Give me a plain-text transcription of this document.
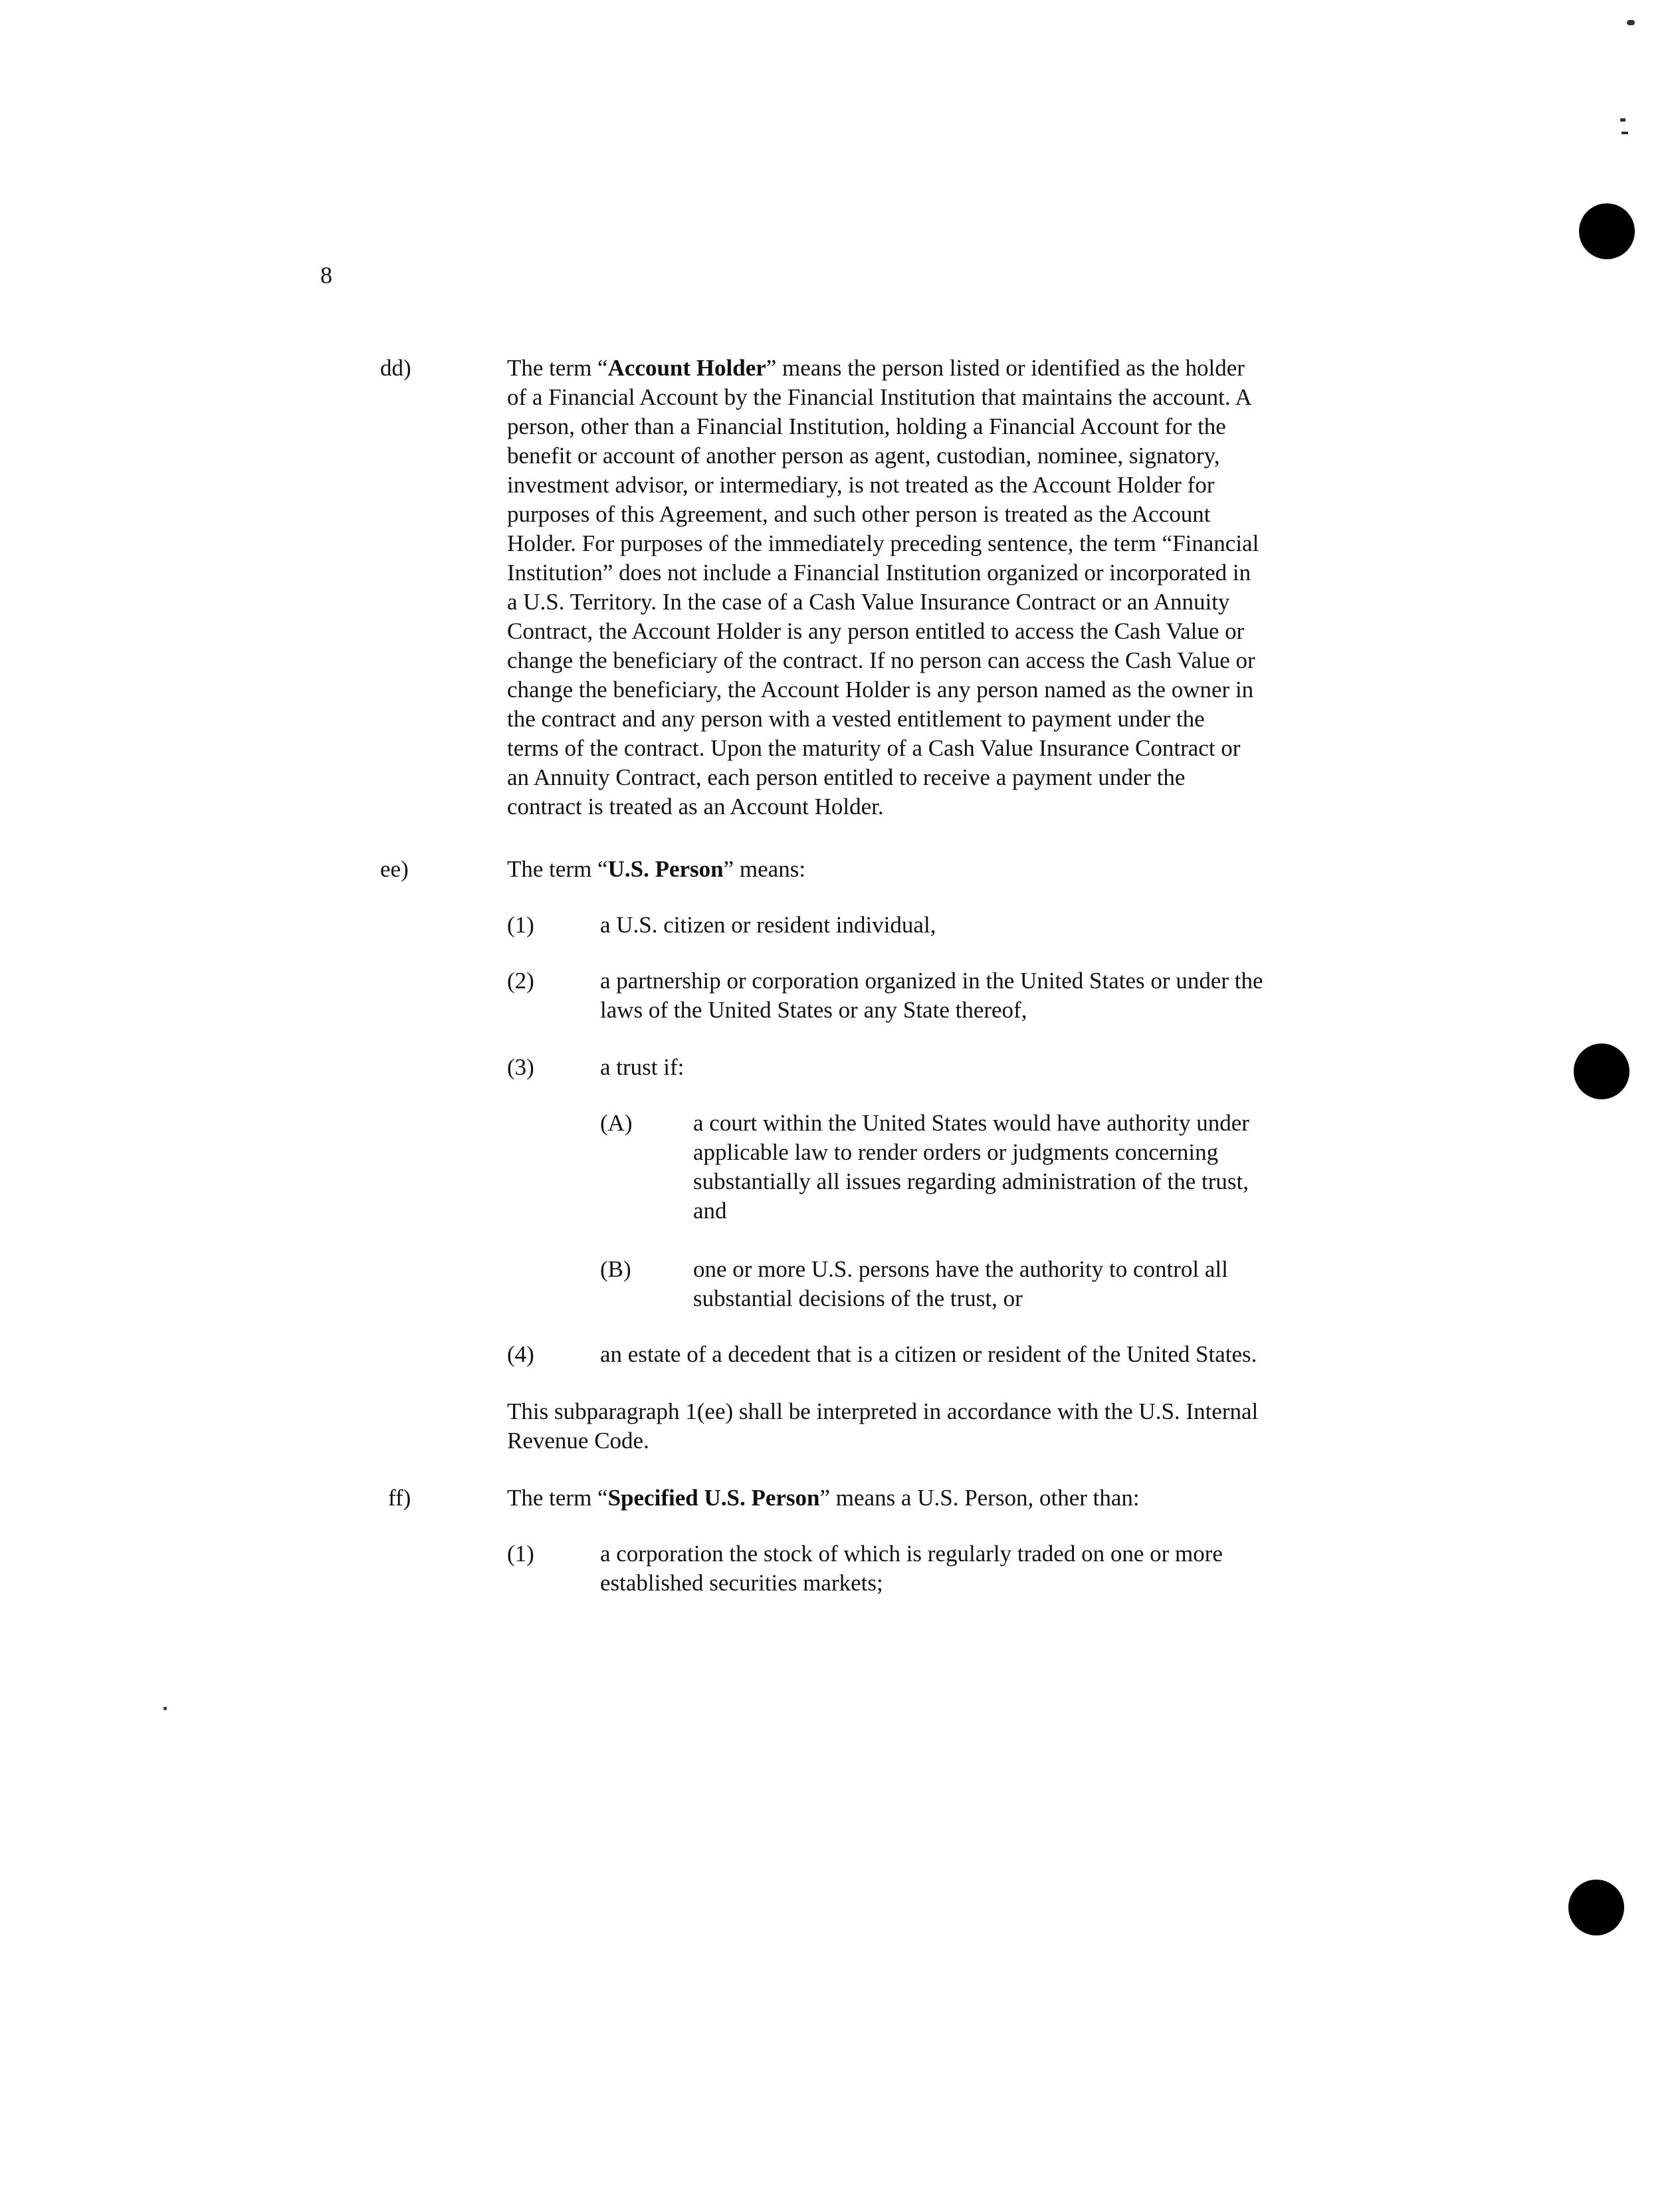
8
dd)	The term “Account Holder” means the person listed or identified as the holder
of a Financial Account by the Financial Institution that maintains the account. A
person, other than a Financial Institution, holding a Financial Account for the
benefit or account of another person as agent, custodian, nominee, signatory,
investment advisor, or intermediary, is not treated as the Account Holder for
purposes of this Agreement, and such other person is treated as the Account
Holder. For purposes of the immediately preceding sentence, the term “Financial
Institution” does not include a Financial Institution organized or incorporated in
a U.S. Territory. In the case of a Cash Value Insurance Contract or an Annuity
Contract, the Account Holder is any person entitled to access the Cash Value or
change the beneficiary of the contract. If no person can access the Cash Value or
change the beneficiary, the Account Holder is any person named as the owner in
the contract and any person with a vested entitlement to payment under the
terms of the contract. Upon the maturity of a Cash Value Insurance Contract or
an Annuity Contract, each person entitled to receive a payment under the
contract is treated as an Account Holder.
ee)	The term “U.S. Person” means:
(1)	a U.S. citizen or resident individual,
(2)	a partnership or corporation organized in the United States or under the
laws of the United States or any State thereof,
(3)	a trust if:
(A)	a court within the United States would have authority under
applicable law to render orders or judgments concerning
substantially all issues regarding administration of the trust,
and
(B)	one or more U.S. persons have the authority to control all
substantial decisions of the trust, or
(4)	an estate of a decedent that is a citizen or resident of the United States.
This subparagraph 1(ee) shall be interpreted in accordance with the U.S. Internal
Revenue Code.
ff)	The term “Specified U.S. Person” means a U.S. Person, other than:
(1)	a corporation the stock of which is regularly traded on one or more
established securities markets;
